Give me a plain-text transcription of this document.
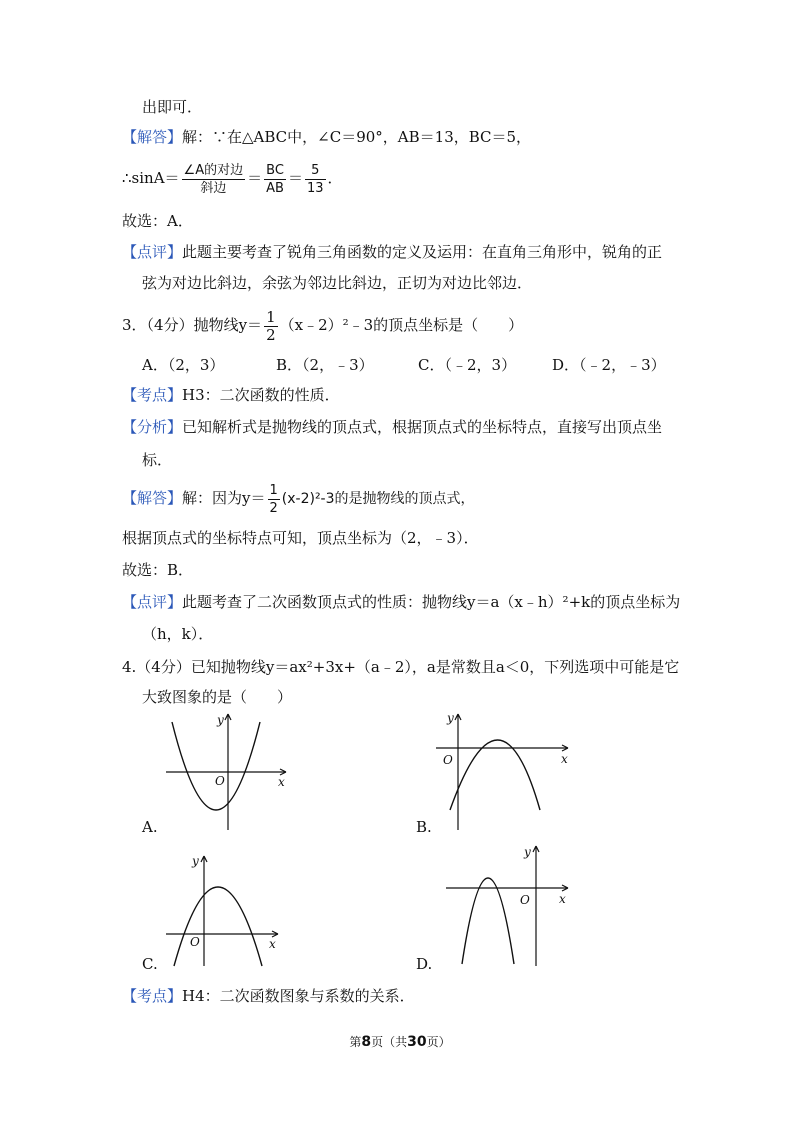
出即可．
【解答】解：∵在△ABC中，∠C＝90°，AB＝13，BC＝5，
∴sinA＝ $\frac{\text{∠A的对边}}{\text{斜边}} = \frac{BC}{AB} = \frac{5}{13}$ ．
故选：A．
【点评】此题主要考查了锐角三角函数的定义及运用：在直角三角形中，锐角的正
弦为对边比斜边，余弦为邻边比斜边，正切为对边比邻边．
3．（4分）抛物线$y= \frac{1}{2}$ （x﹣2）²﹣3的顶点坐标是（　　）
A．（2，3）	B．（2，﹣3）	C．（﹣2，3） D．（﹣2，﹣3）
【考点】H3：二次函数的性质．
【分析】已知解析式是抛物线的顶点式，根据顶点式的坐标特点，直接写出顶点坐
标．
【解答】解：因为$y= \frac{1}{2} (x-2)^2-3$的是抛物线的顶点式，
根据顶点式的坐标特点可知，顶点坐标为（2，﹣3）．
故选：B．
【点评】此题考查了二次函数顶点式的性质：抛物线y＝a（x﹣h）²+k的顶点坐标为
（h，k）．
4.（4分）已知抛物线y＝ax²+3x+（a﹣2），a是常数且a＜0，下列选项中可能是它
大致图象的是（　　）
x
y
O
A.
x
y
O
B.
x
y
O
C.
x
y
O
D.
【考点】H4：二次函数图象与系数的关系．
第8页（共30页）
